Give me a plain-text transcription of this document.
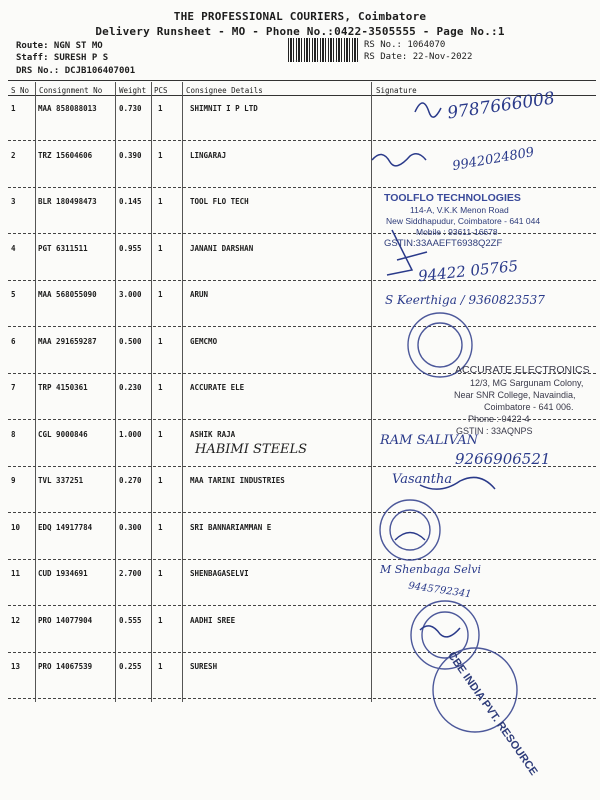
THE PROFESSIONAL COURIERS, Coimbatore
Delivery Runsheet - MO - Phone No.:0422-3505555 - Page No.:1
Route: NGN ST MO
Staff: SURESH P S
DRS No.: DCJB106407001
RS No.: 1064070
RS Date: 22-Nov-2022
S No Consignment No Weight PCS Consignee Details	Signature
1	MAA 858088013	0.730 1	SHIMNIT I P LTD
2	TRZ 15604606	0.390 1	LINGARAJ
3	BLR 180498473	0.145 1	TOOL FLO TECH
4	PGT 6311511	0.955 1	JANANI DARSHAN
5	MAA 568055090	3.000 1	ARUN
6	MAA 291659287	0.500 1	GEMCMO
7	TRP 4150361	0.230 1	ACCURATE ELE
8	CGL 9000846	1.000 1	ASHIK RAJA
9	TVL 337251	0.270 1	MAA TARINI INDUSTRIES
10 EDQ 14917784	0.300 1	SRI BANNARIAMMAN E
11 CUD 1934691	2.700 1	SHENBAGASELVI
12 PRO 14077904	0.555 1	AADHI SREE
13 PRO 14067539	0.255 1	SURESH
TOOLFLO TECHNOLOGIES
114-A, V.K.K Menon Road
New Siddhapudur, Coimbatore - 641 044
Mobile : 93611-16678
GSTIN:33AAEFT6938Q2ZF
ACCURATE ELECTRONICS
12/3, MG Sargunam Colony,
Near SNR College, Navaindia,
Coimbatore - 641 006.
Phone : 0422-4
GSTIN : 33AQNPS
CBE INDIA PVT. RESOURCE
9787666008
9942024809
94422 05765
S Keerthiga / 9360823537
HABIMI STEELS
RAM SALIVAN
9266906521
Vasantha
M Shenbaga Selvi
9445792341
